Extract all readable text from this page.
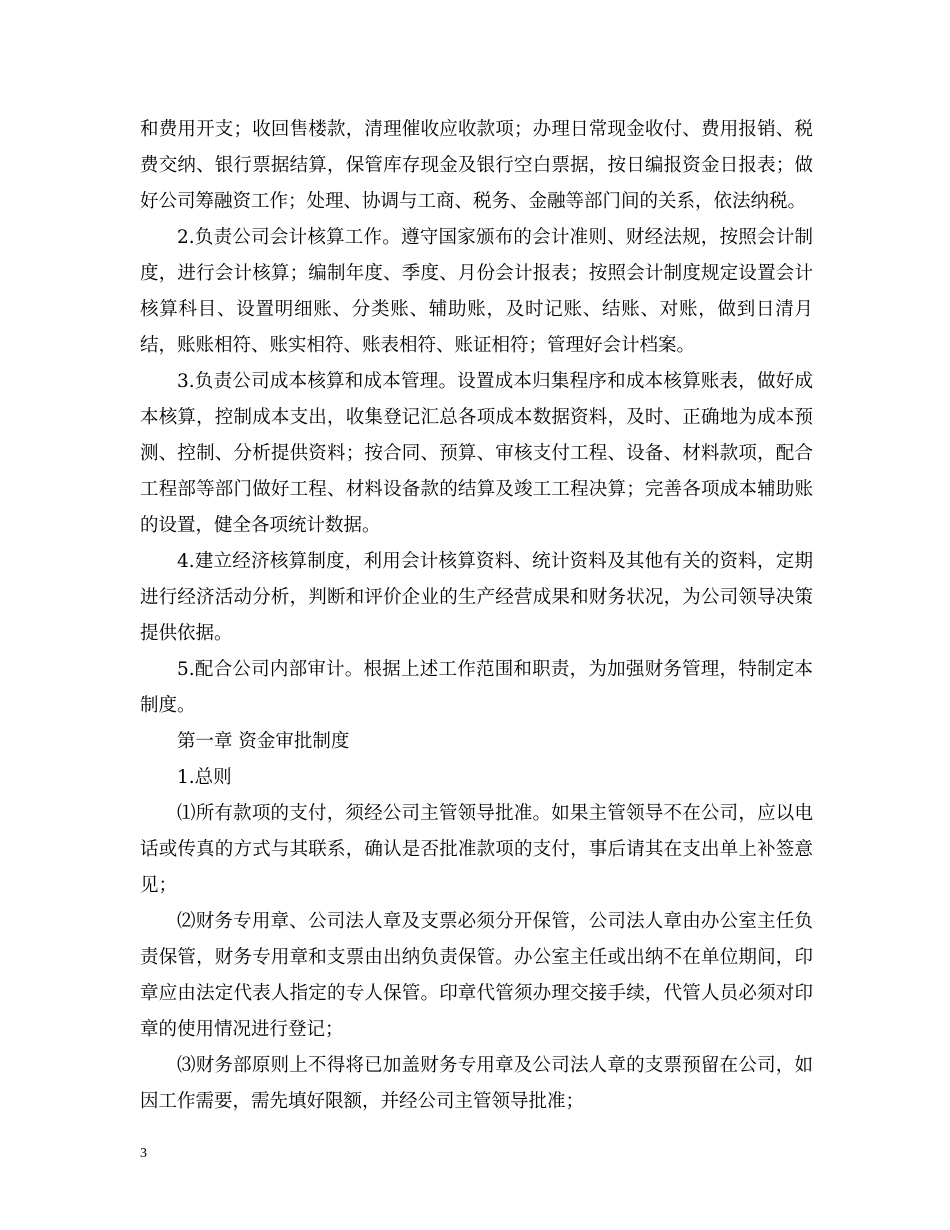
和费用开支；收回售楼款，清理催收应收款项；办理日常现金收付、费用报销、税费交纳、银行票据结算，保管库存现金及银行空白票据，按日编报资金日报表；做好公司筹融资工作；处理、协调与工商、税务、金融等部门间的关系，依法纳税。

2.负责公司会计核算工作。遵守国家颁布的会计准则、财经法规，按照会计制度，进行会计核算；编制年度、季度、月份会计报表；按照会计制度规定设置会计核算科目、设置明细账、分类账、辅助账，及时记账、结账、对账，做到日清月结，账账相符、账实相符、账表相符、账证相符；管理好会计档案。

3.负责公司成本核算和成本管理。设置成本归集程序和成本核算账表，做好成本核算，控制成本支出，收集登记汇总各项成本数据资料，及时、正确地为成本预测、控制、分析提供资料；按合同、预算、审核支付工程、设备、材料款项，配合工程部等部门做好工程、材料设备款的结算及竣工工程决算；完善各项成本辅助账的设置，健全各项统计数据。

4.建立经济核算制度，利用会计核算资料、统计资料及其他有关的资料，定期进行经济活动分析，判断和评价企业的生产经营成果和财务状况，为公司领导决策提供依据。

5.配合公司内部审计。根据上述工作范围和职责，为加强财务管理，特制定本制度。

第一章 资金审批制度

1.总则

⑴所有款项的支付，须经公司主管领导批准。如果主管领导不在公司，应以电话或传真的方式与其联系，确认是否批准款项的支付，事后请其在支出单上补签意见；

⑵财务专用章、公司法人章及支票必须分开保管，公司法人章由办公室主任负责保管，财务专用章和支票由出纳负责保管。办公室主任或出纳不在单位期间，印章应由法定代表人指定的专人保管。印章代管须办理交接手续，代管人员必须对印章的使用情况进行登记；

⑶财务部原则上不得将已加盖财务专用章及公司法人章的支票预留在公司，如因工作需要，需先填好限额，并经公司主管领导批准；

3
